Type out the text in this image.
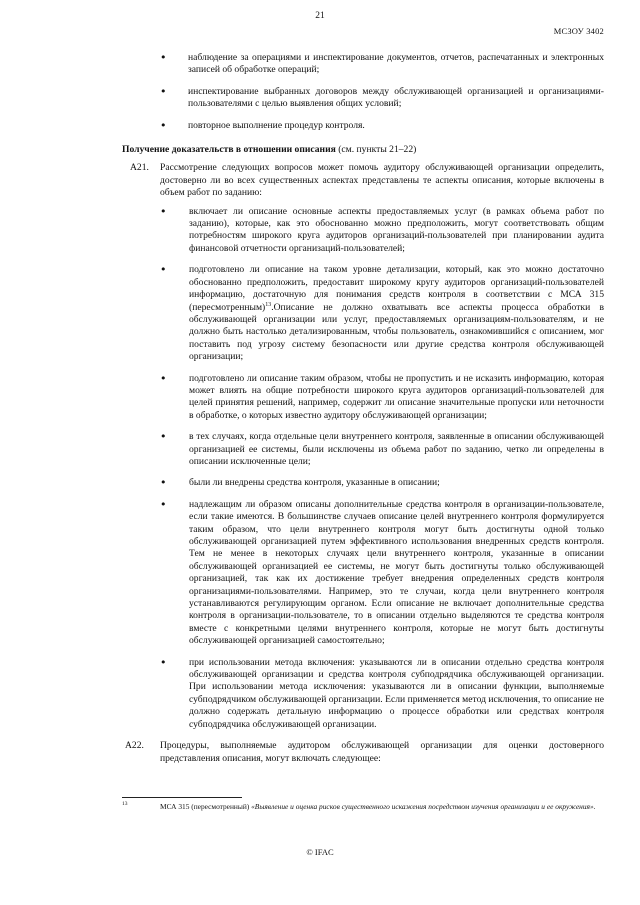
21
МСЗОУ 3402
• наблюдение за операциями и инспектирование документов, отчетов, распечатанных и электронных записей об обработке операций;
• инспектирование выбранных договоров между обслуживающей организацией и организациями-пользователями с целью выявления общих условий;
• повторное выполнение процедур контроля.
Получение доказательств в отношении описания (см. пункты 21–22)
A21. Рассмотрение следующих вопросов может помочь аудитору обслуживающей организации определить, достоверно ли во всех существенных аспектах представлены те аспекты описания, которые включены в объем работ по заданию:
• включает ли описание основные аспекты предоставляемых услуг (в рамках объема работ по заданию), которые, как это обоснованно можно предположить, могут соответствовать общим потребностям широкого круга аудиторов организаций-пользователей при планировании аудита финансовой отчетности организаций-пользователей;
• подготовлено ли описание на таком уровне детализации, который, как это можно достаточно обоснованно предположить, предоставит широкому кругу аудиторов организаций-пользователей информацию, достаточную для понимания средств контроля в соответствии с МСА 315 (пересмотренным)$^{13}$.Описание не должно охватывать все аспекты процесса обработки в обслуживающей организации или услуг, предоставляемых организациям-пользователям, и не должно быть настолько детализированным, чтобы пользователь, ознакомившийся с описанием, мог поставить под угрозу систему безопасности или другие средства контроля обслуживающей организации;
• подготовлено ли описание таким образом, чтобы не пропустить и не исказить информацию, которая может влиять на общие потребности широкого круга аудиторов организаций-пользователей для целей принятия решений, например, содержит ли описание значительные пропуски или неточности в обработке, о которых известно аудитору обслуживающей организации;
• в тех случаях, когда отдельные цели внутреннего контроля, заявленные в описании обслуживающей организацией ее системы, были исключены из объема работ по заданию, четко ли определены в описании исключенные цели;
• были ли внедрены средства контроля, указанные в описании;
• надлежащим ли образом описаны дополнительные средства контроля в организации-пользователе, если такие имеются. В большинстве случаев описание целей внутреннего контроля формулируется таким образом, что цели внутреннего контроля могут быть достигнуты одной только обслуживающей организацией путем эффективного использования внедренных средств контроля. Тем не менее в некоторых случаях цели внутреннего контроля, указанные в описании обслуживающей организацией ее системы, не могут быть достигнуты только обслуживающей организацией, так как их достижение требует внедрения определенных средств контроля организациями-пользователями. Например, это те случаи, когда цели внутреннего контроля устанавливаются регулирующим органом. Если описание не включает дополнительные средства контроля в организации-пользователе, то в описании отдельно выделяются те средства контроля вместе с конкретными целями внутреннего контроля, которые не могут быть достигнуты обслуживающей организацией самостоятельно;
• при использовании метода включения: указываются ли в описании отдельно средства контроля обслуживающей организации и средства контроля субподрядчика обслуживающей организации. При использовании метода исключения: указываются ли в описании функции, выполняемые субподрядчиком обслуживающей организации. Если применяется метод исключения, то описание не должно содержать детальную информацию о процессе обработки или средствах контроля субподрядчика обслуживающей организации.
A22. Процедуры, выполняемые аудитором обслуживающей организации для оценки достоверного представления описания, могут включать следующее:
13	МСА 315 (пересмотренный) «Выявление и оценка рисков существенного искажения посредством изучения организации и ее окружения».
© IFAC
